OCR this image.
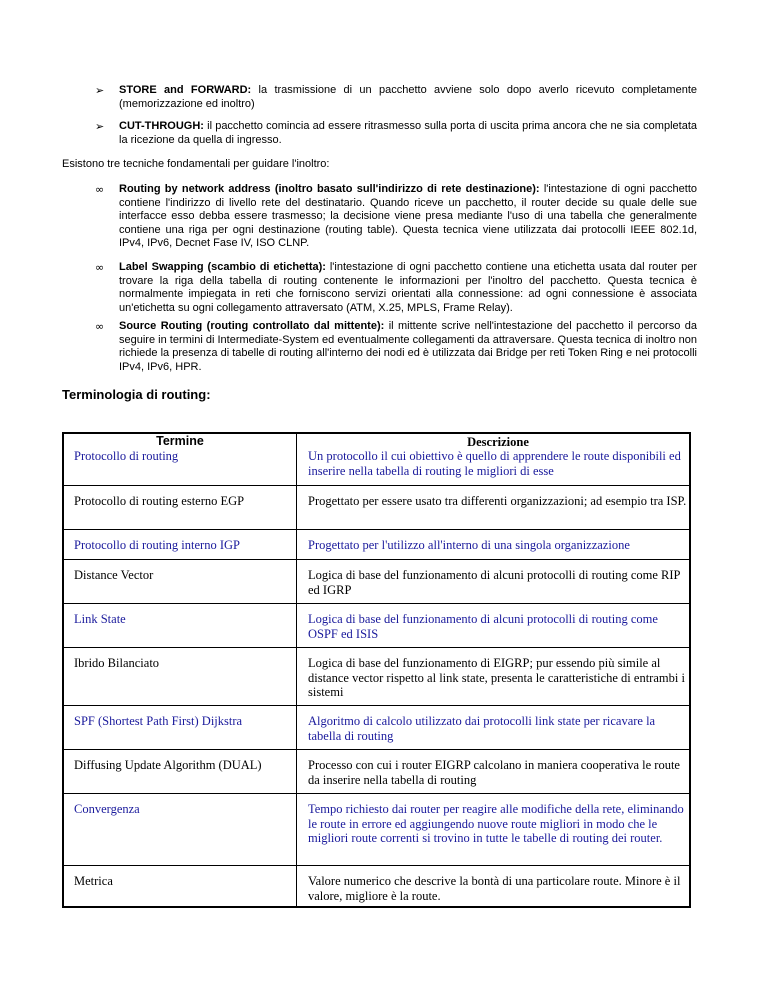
➢ STORE and FORWARD: la trasmissione di un pacchetto avviene solo dopo averlo ricevuto completamente (memorizzazione ed inoltro)
➢ CUT-THROUGH: il pacchetto comincia ad essere ritrasmesso sulla porta di uscita prima ancora che ne sia completata la ricezione da quella di ingresso.
Esistono tre tecniche fondamentali per guidare l'inoltro:
∞ Routing by network address (inoltro basato sull'indirizzo di rete destinazione): l'intestazione di ogni pacchetto contiene l'indirizzo di livello rete del destinatario. Quando riceve un pacchetto, il router decide su quale delle sue interfacce esso debba essere trasmesso; la decisione viene presa mediante l'uso di una tabella che generalmente contiene una riga per ogni destinazione (routing table). Questa tecnica viene utilizzata dai protocolli IEEE 802.1d, IPv4, IPv6, Decnet Fase IV, ISO CLNP.
∞ Label Swapping (scambio di etichetta): l'intestazione di ogni pacchetto contiene una etichetta usata dal router per trovare la riga della tabella di routing contenente le informazioni per l'inoltro del pacchetto. Questa tecnica è normalmente impiegata in reti che forniscono servizi orientati alla connessione: ad ogni connessione è associata un'etichetta su ogni collegamento attraversato (ATM, X.25, MPLS, Frame Relay).
∞ Source Routing (routing controllato dal mittente): il mittente scrive nell'intestazione del pacchetto il percorso da seguire in termini di Intermediate-System ed eventualmente collegamenti da attraversare. Questa tecnica di inoltro non richiede la presenza di tabelle di routing all'interno dei nodi ed è utilizzata dai Bridge per reti Token Ring e nei protocolli IPv4, IPv6, HPR.
Terminologia di routing:
Termine	Descrizione
Protocollo di routing	Un protocollo il cui obiettivo è quello di apprendere le route disponibili ed inserire nella tabella di routing le migliori di esse
Protocollo di routing esterno EGP	Progettato per essere usato tra differenti organizzazioni; ad esempio tra ISP.
Protocollo di routing interno IGP	Progettato per l'utilizzo all'interno di una singola organizzazione
Distance Vector	Logica di base del funzionamento di alcuni protocolli di routing come RIP ed IGRP
Link State	Logica di base del funzionamento di alcuni protocolli di routing come OSPF ed ISIS
Ibrido Bilanciato	Logica di base del funzionamento di EIGRP; pur essendo più simile al distance vector rispetto al link state, presenta le caratteristiche di entrambi i sistemi
SPF (Shortest Path First) Dijkstra	Algoritmo di calcolo utilizzato dai protocolli link state per ricavare la tabella di routing
Diffusing Update Algorithm (DUAL)	Processo con cui i router EIGRP calcolano in maniera cooperativa le route da inserire nella tabella di routing
Convergenza	Tempo richiesto dai router per reagire alle modifiche della rete, eliminando le route in errore ed aggiungendo nuove route migliori in modo che le migliori route correnti si trovino in tutte le tabelle di routing dei router.
Metrica	Valore numerico che descrive la bontà di una particolare route. Minore è il valore, migliore è la route.
